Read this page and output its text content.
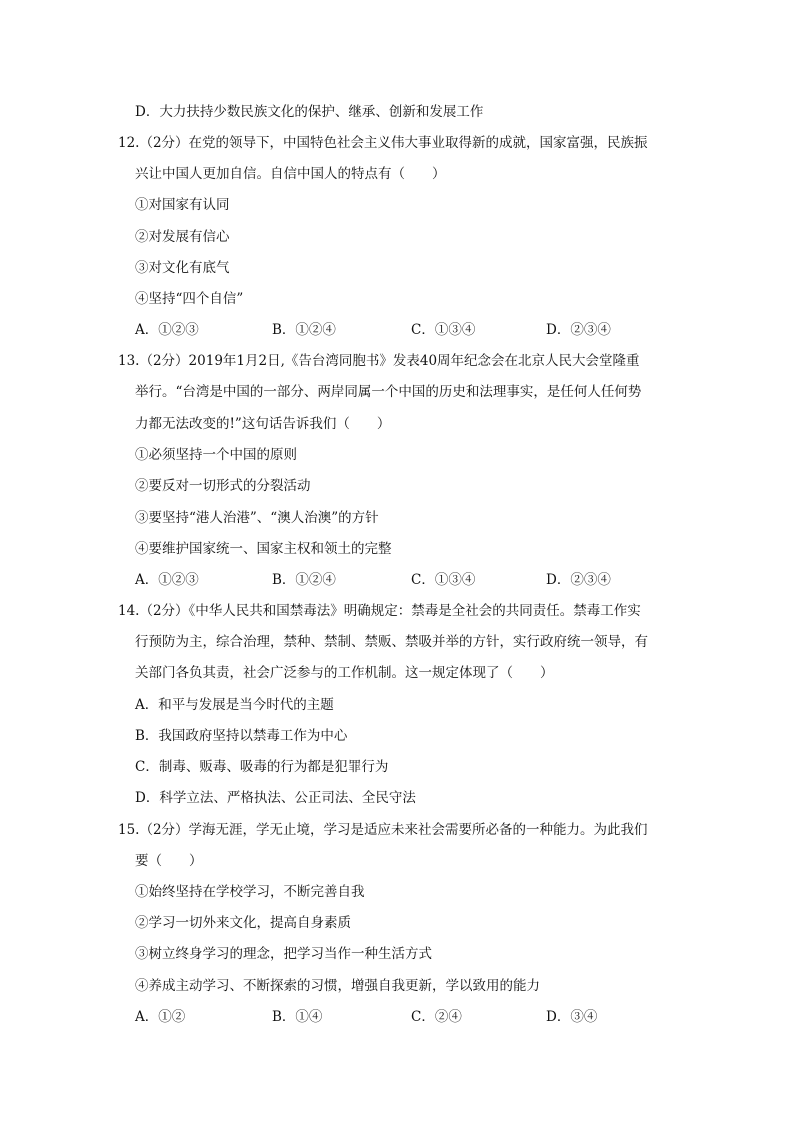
D．大力扶持少数民族文化的保护、继承、创新和发展工作
12.（2分）在党的领导下，中国特色社会主义伟大事业取得新的成就，国家富强，民族振
兴让中国人更加自信。自信中国人的特点有（　　）
①对国家有认同
②对发展有信心
③对文化有底气
④坚持“四个自信”
A．①②③	B．①②④	C．①③④	D．②③④
13.（2分）2019年1月2日,《告台湾同胞书》发表40周年纪念会在北京人民大会堂隆重
举行。“台湾是中国的一部分、两岸同属一个中国的历史和法理事实，是任何人任何势
力都无法改变的!”这句话告诉我们（　　）
①必须坚持一个中国的原则
②要反对一切形式的分裂活动
③要坚持“港人治港”、“澳人治澳”的方针
④要维护国家统一、国家主权和领土的完整
A．①②③	B．①②④	C．①③④	D．②③④
14.（2分）《中华人民共和国禁毒法》明确规定：禁毒是全社会的共同责任。禁毒工作实
行预防为主，综合治理，禁种、禁制、禁贩、禁吸并举的方针，实行政府统一领导，有
关部门各负其责，社会广泛参与的工作机制。这一规定体现了（　　）
A．和平与发展是当今时代的主题
B．我国政府坚持以禁毒工作为中心
C．制毒、贩毒、吸毒的行为都是犯罪行为
D．科学立法、严格执法、公正司法、全民守法
15.（2分）学海无涯，学无止境，学习是适应未来社会需要所必备的一种能力。为此我们
要（　　）
①始终坚持在学校学习，不断完善自我
②学习一切外来文化，提高自身素质
③树立终身学习的理念，把学习当作一种生活方式
④养成主动学习、不断探索的习惯，增强自我更新，学以致用的能力
A．①②	B．①④	C．②④	D．③④
